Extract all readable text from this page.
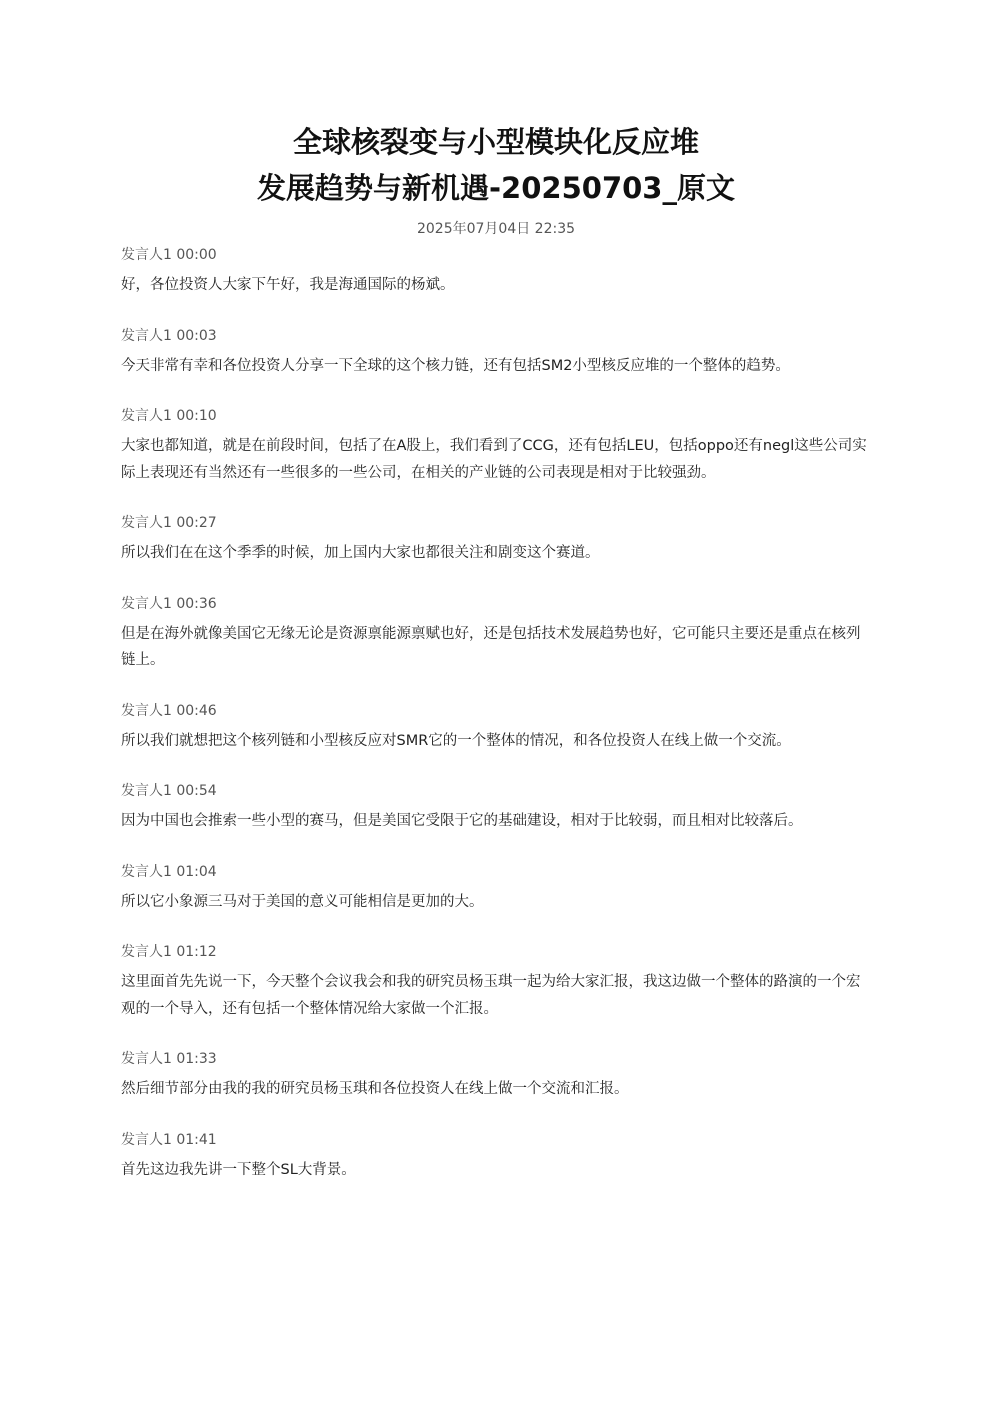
全球核裂变与小型模块化反应堆
发展趋势与新机遇-20250703_原文
2025年07月04日 22:35
发言人1 00:00

好，各位投资人大家下午好，我是海通国际的杨斌。

发言人1 00:03

今天非常有幸和各位投资人分享一下全球的这个核力链，还有包括SM2小型核反应堆的一个整体的趋势。

发言人1 00:10

大家也都知道，就是在前段时间，包括了在A股上，我们看到了CCG，还有包括LEU，包括oppo还有negl这些公司实际上表现还有当然还有一些很多的一些公司，在相关的产业链的公司表现是相对于比较强劲。

发言人1 00:27

所以我们在在这个季季的时候，加上国内大家也都很关注和剧变这个赛道。

发言人1 00:36

但是在海外就像美国它无缘无论是资源禀能源禀赋也好，还是包括技术发展趋势也好，它可能只主要还是重点在核列链上。

发言人1 00:46

所以我们就想把这个核列链和小型核反应对SMR它的一个整体的情况，和各位投资人在线上做一个交流。

发言人1 00:54

因为中国也会推索一些小型的赛马，但是美国它受限于它的基础建设，相对于比较弱，而且相对比较落后。

发言人1 01:04

所以它小象源三马对于美国的意义可能相信是更加的大。

发言人1 01:12

这里面首先先说一下，今天整个会议我会和我的研究员杨玉琪一起为给大家汇报，我这边做一个整体的路演的一个宏观的一个导入，还有包括一个整体情况给大家做一个汇报。

发言人1 01:33

然后细节部分由我的我的研究员杨玉琪和各位投资人在线上做一个交流和汇报。

发言人1 01:41

首先这边我先讲一下整个SL大背景。
